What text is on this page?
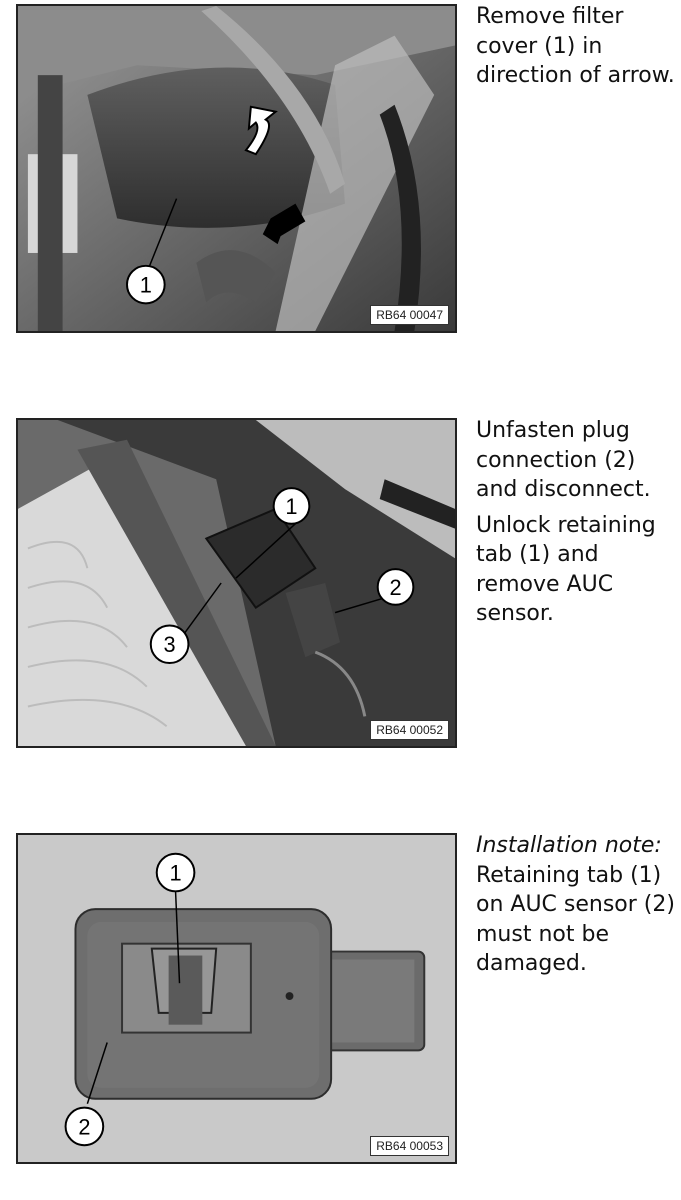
1
RB64 00047

Remove filter cover (1) in direction of arrow.

1
2
3
RB64 00052

Unfasten plug connection (2) and disconnect.

Unlock retaining tab (1) and remove AUC sensor.

1
2
RB64 00053
Installation note:

Retaining tab (1) on AUC sensor (2) must not be damaged.
